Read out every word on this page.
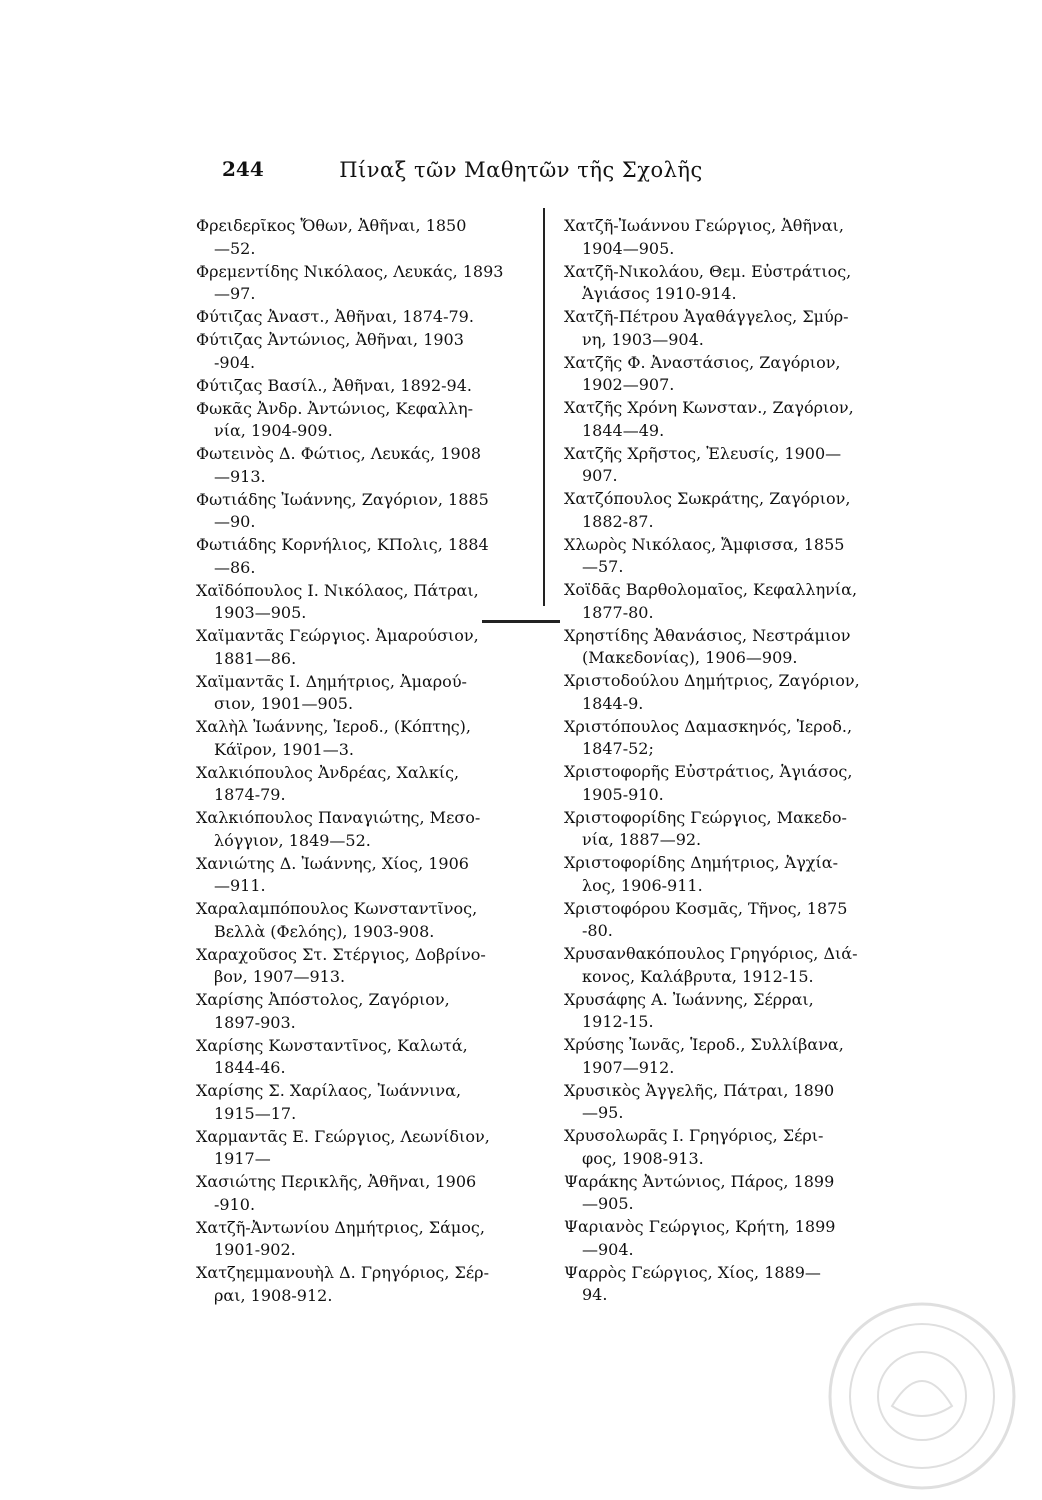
244	Πίναξ τῶν Μαθητῶν τῆς Σχολῆς
Φρειδερῖκος Ὄθων, Ἀθῆναι, 1850
—52.
Φρεμεντίδης Νικόλαος, Λευκάς, 1893
—97.
Φύτιζας Ἀναστ., Ἀθῆναι, 1874-79.
Φύτιζας Ἀντώνιος, Ἀθῆναι, 1903
-904.
Φύτιζας Βασίλ., Ἀθῆναι, 1892-94.
Φωκᾶς Ἀνδρ. Ἀντώνιος, Κεφαλλη-
νία, 1904-909.
Φωτεινὸς Δ. Φώτιος, Λευκάς, 1908
—913.
Φωτιάδης Ἰωάννης, Ζαγόριον, 1885
—90.
Φωτιάδης Κορνήλιος, ΚΠολις, 1884
—86.
Χαϊδόπουλος Ι. Νικόλαος, Πάτραι,
1903—905.
Χαϊμαντᾶς Γεώργιος. Ἀμαρούσιον,
1881—86.
Χαϊμαντᾶς Ι. Δημήτριος, Ἀμαρού-
σιον, 1901—905.
Χαλὴλ Ἰωάννης, Ἱεροδ., (Κόπτης),
Κάϊρον, 1901—3.
Χαλκιόπουλος Ἀνδρέας, Χαλκίς,
1874-79.
Χαλκιόπουλος Παναγιώτης, Μεσο-
λόγγιον, 1849—52.
Χανιώτης Δ. Ἰωάννης, Χίος, 1906
—911.
Χαραλαμπόπουλος Κωνσταντῖνος,
Βελλὰ (Φελόης), 1903-908.
Χαραχοῦσος Στ. Στέργιος, Δοβρίνο-
βον, 1907—913.
Χαρίσης Ἀπόστολος, Ζαγόριον,
1897-903.
Χαρίσης Κωνσταντῖνος, Καλωτά,
1844-46.
Χαρίσης Σ. Χαρίλαος, Ἰωάννινα,
1915—17.
Χαρμαντᾶς Ε. Γεώργιος, Λεωνίδιον,
1917—
Χασιώτης Περικλῆς, Ἀθῆναι, 1906
-910.
Χατζῆ-Ἀντωνίου Δημήτριος, Σάμος,
1901-902.
Χατζηεμμανουὴλ Δ. Γρηγόριος, Σέρ-
ραι, 1908-912.
Χατζῆ-Ἰωάννου Γεώργιος, Ἀθῆναι,
1904—905.
Χατζῆ-Νικολάου, Θεμ. Εὐστράτιος,
Ἁγιάσος 1910-914.
Χατζῆ-Πέτρου Ἀγαθάγγελος, Σμύρ-
νη, 1903—904.
Χατζῆς Φ. Ἀναστάσιος, Ζαγόριον,
1902—907.
Χατζῆς Χρόνη Κωνσταν., Ζαγόριον,
1844—49.
Χατζῆς Χρῆστος, Ἐλευσίς, 1900—
907.
Χατζόπουλος Σωκράτης, Ζαγόριον,
1882-87.
Χλωρὸς Νικόλαος, Ἄμφισσα, 1855
—57.
Χοϊδᾶς Βαρθολομαῖος, Κεφαλληνία,
1877-80.
Χρηστίδης Ἀθανάσιος, Νεστράμιον
(Μακεδονίας), 1906—909.
Χριστοδούλου Δημήτριος, Ζαγόριον,
1844-9.
Χριστόπουλος Δαμασκηνός, Ἱεροδ.,
1847-52;
Χριστοφορῆς Εὐστράτιος, Ἁγιάσος,
1905-910.
Χριστοφορίδης Γεώργιος, Μακεδο-
νία, 1887—92.
Χριστοφορίδης Δημήτριος, Ἀγχία-
λος, 1906-911.
Χριστοφόρου Κοσμᾶς, Τῆνος, 1875
-80.
Χρυσανθακόπουλος Γρηγόριος, Διά-
κονος, Καλάβρυτα, 1912-15.
Χρυσάφης Α. Ἰωάννης, Σέρραι,
1912-15.
Χρύσης Ἰωνᾶς, Ἱεροδ., Συλλίβανα,
1907—912.
Χρυσικὸς Ἀγγελῆς, Πάτραι, 1890
—95.
Χρυσολωρᾶς Ι. Γρηγόριος, Σέρι-
φος, 1908-913.
Ψαράκης Ἀντώνιος, Πάρος, 1899
—905.
Ψαριανὸς Γεώργιος, Κρήτη, 1899
—904.
Ψαρρὸς Γεώργιος, Χίος, 1889—
94.
